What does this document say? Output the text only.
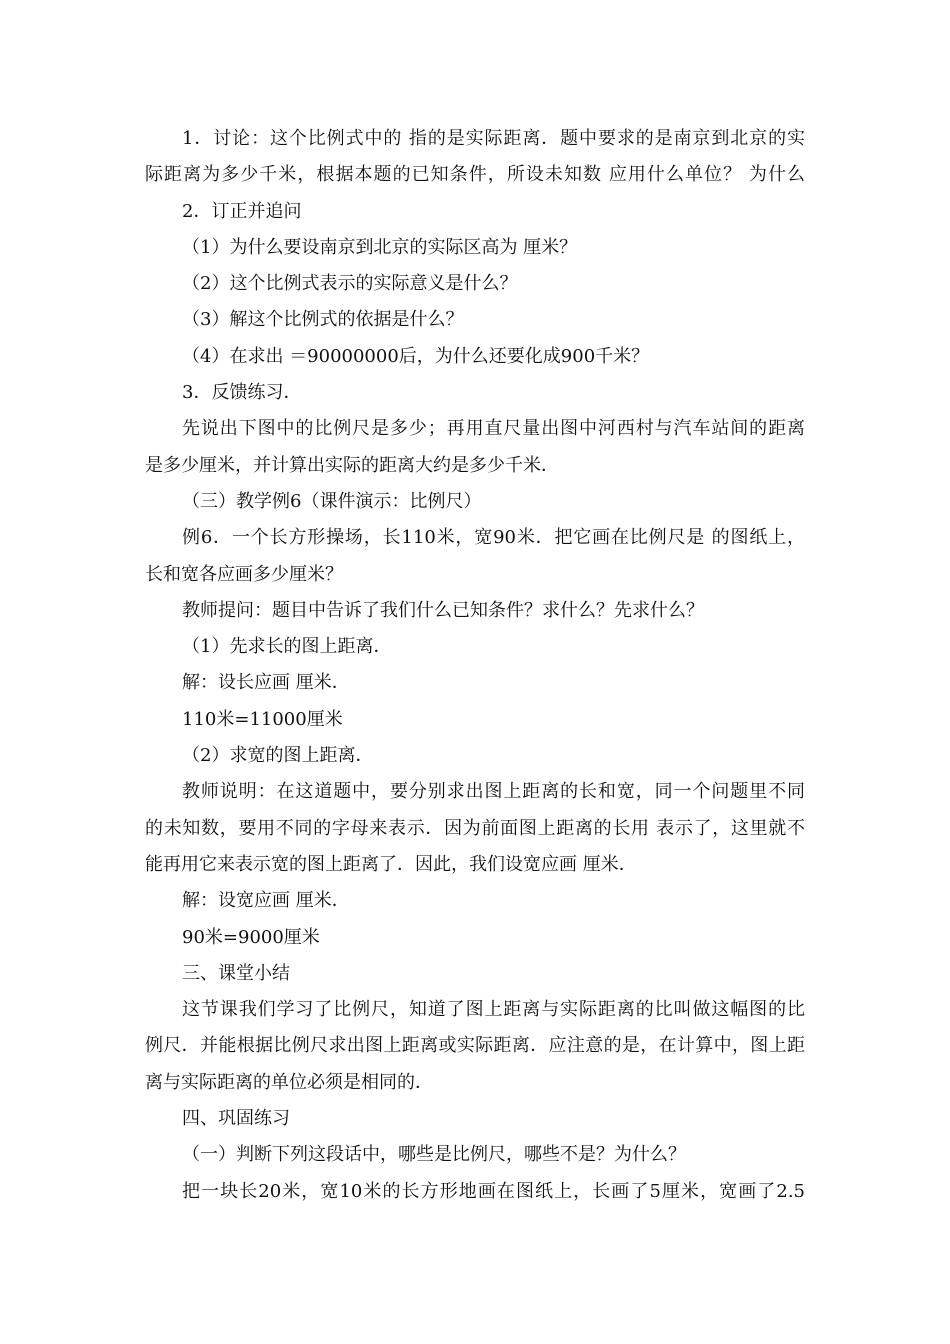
1．讨论：这个比例式中的 指的是实际距离．题中要求的是南京到北京的实

际距离为多少千米，根据本题的已知条件，所设未知数 应用什么单位？ 为什么

2．订正并追问

（1）为什么要设南京到北京的实际区高为 厘米？

（2）这个比例式表示的实际意义是什么？

（3）解这个比例式的依据是什么？

（4）在求出 ＝90000000后，为什么还要化成900千米？

3．反馈练习．

先说出下图中的比例尺是多少；再用直尺量出图中河西村与汽车站间的距离

是多少厘米，并计算出实际的距离大约是多少千米．

（三）教学例6（课件演示：比例尺）

例6．一个长方形操场，长110米，宽90米．把它画在比例尺是 的图纸上，

长和宽各应画多少厘米？

教师提问：题目中告诉了我们什么已知条件？求什么？先求什么？

（1）先求长的图上距离．

解：设长应画 厘米．

110米=11000厘米

（2）求宽的图上距离．

教师说明：在这道题中，要分别求出图上距离的长和宽，同一个问题里不同

的未知数，要用不同的字母来表示．因为前面图上距离的长用 表示了，这里就不

能再用它来表示宽的图上距离了．因此，我们设宽应画 厘米．

解：设宽应画 厘米．

90米=9000厘米

三、课堂小结

这节课我们学习了比例尺，知道了图上距离与实际距离的比叫做这幅图的比

例尺．并能根据比例尺求出图上距离或实际距离．应注意的是，在计算中，图上距

离与实际距离的单位必须是相同的．

四、巩固练习

（一）判断下列这段话中，哪些是比例尺，哪些不是？为什么？

把一块长20米，宽10米的长方形地画在图纸上，长画了5厘米，宽画了2.5
